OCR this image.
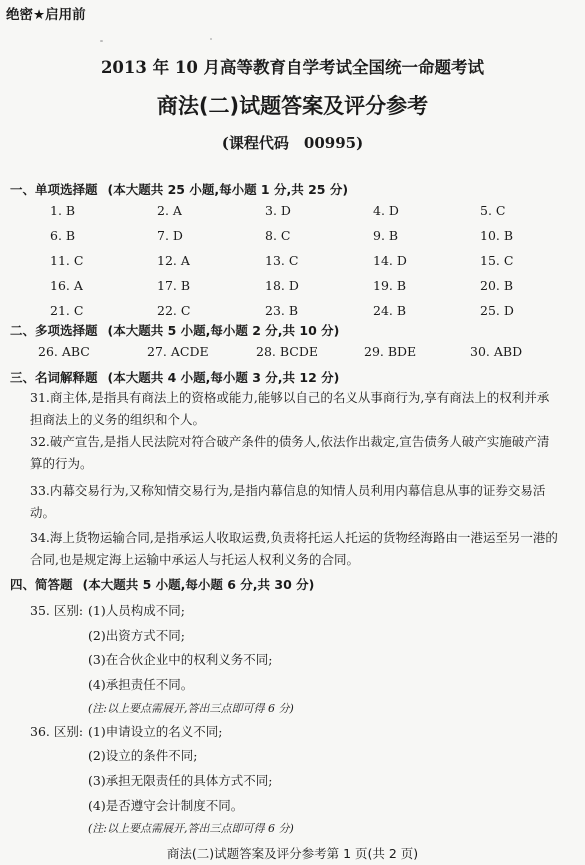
绝密★启用前
2013 年 10 月高等教育自学考试全国统一命题考试
商法(二)试题答案及评分参考
(课程代码　00995)
一、单项选择题 (本大题共 25 小题,每小题 1 分,共 25 分)
1. B	2. A	3. D	4. D	5. C
6. B	7. D	8. C	9. B	10. B
11. C	12. A	13. C	14. D	15. C
16. A	17. B	18. D	19. B	20. B
21. C	22. C	23. B	24. B	25. D
二、多项选择题 (本大题共 5 小题,每小题 2 分,共 10 分)
26. ABC	27. ACDE	28. BCDE	29. BDE	30. ABD
三、名词解释题 (本大题共 4 小题,每小题 3 分,共 12 分)
31.商主体,是指具有商法上的资格或能力,能够以自己的名义从事商行为,享有商法上的权利并承担商法上的义务的组织和个人。
32.破产宣告,是指人民法院对符合破产条件的债务人,依法作出裁定,宣告债务人破产实施破产清算的行为。
33.内幕交易行为,又称知情交易行为,是指内幕信息的知情人员利用内幕信息从事的证券交易活动。
34.海上货物运输合同,是指承运人收取运费,负责将托运人托运的货物经海路由一港运至另一港的合同,也是规定海上运输中承运人与托运人权利义务的合同。
四、简答题 (本大题共 5 小题,每小题 6 分,共 30 分)
35. 区别: (1)人员构成不同;
(2)出资方式不同;
(3)在合伙企业中的权利义务不同;
(4)承担责任不同。
(注:以上要点需展开,答出三点即可得 6 分)
36. 区别: (1)申请设立的名义不同;
(2)设立的条件不同;
(3)承担无限责任的具体方式不同;
(4)是否遵守会计制度不同。
(注:以上要点需展开,答出三点即可得 6 分)
商法(二)试题答案及评分参考第 1 页(共 2 页)
